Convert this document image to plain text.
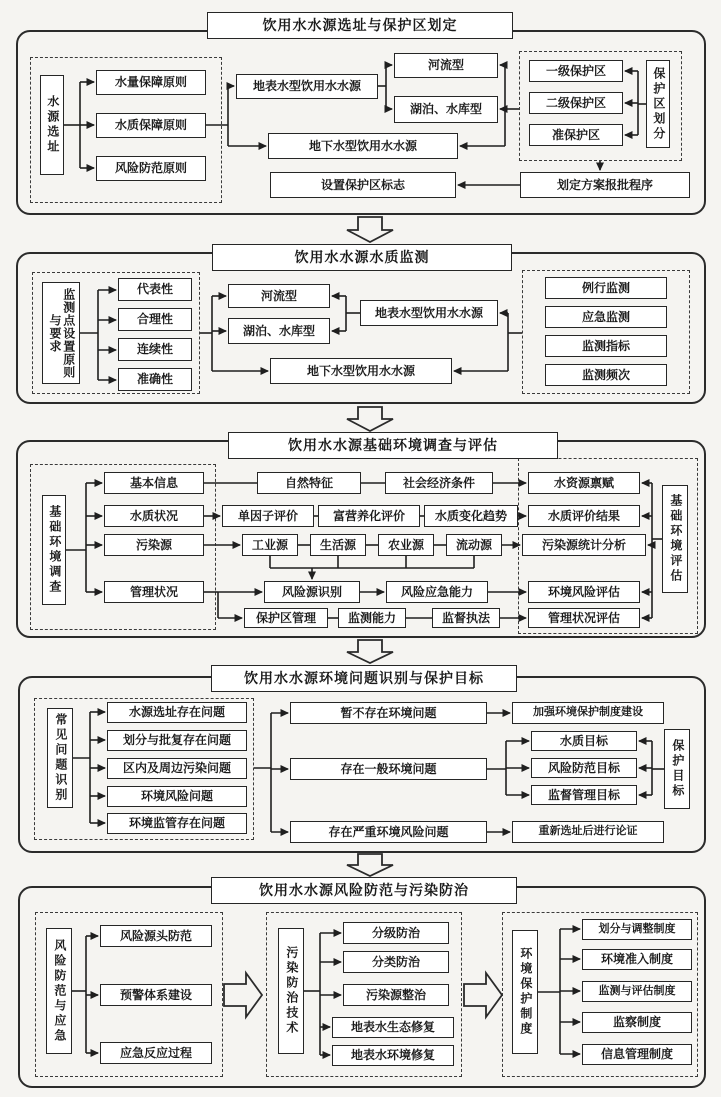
饮用水水源选址与保护区划定
水源选址
水量保障原则
水质保障原则
风险防范原则
地表水型饮用水水源
河流型
湖泊、水库型
地下水型饮用水水源
一级保护区
二级保护区
准保护区	保护区划分
设置保护区标志	划定方案报批程序
饮用水水源水质监测
监测点设置原则与要求
代表性
合理性
连续性
准确性
河流型
湖泊、水库型
地表水型饮用水水源
地下水型饮用水水源
例行监测
应急监测
监测指标
监测频次
饮用水水源基础环境调查与评估
基础环境调查
基本信息
水质状况
污染源
管理状况
自然特征	社会经济条件
单因子评价	富营养化评价	水质变化趋势
工业源	生活源	农业源	流动源
风险源识别	风险应急能力
保护区管理	监测能力	监督执法
水资源禀赋
水质评价结果
污染源统计分析
环境风险评估
管理状况评估
基础环境评估
饮用水水源环境问题识别与保护目标
常见问题识别
水源选址存在问题
划分与批复存在问题
区内及周边污染问题
环境风险问题
环境监管存在问题
暂不存在环境问题
存在一般环境问题
存在严重环境风险问题
加强环境保护制度建设
水质目标
风险防范目标
监督管理目标	保护目标
重新选址后进行论证
饮用水水源风险防范与污染防治
风险防范与应急
风险源头防范
预警体系建设
应急反应过程
污染防治技术
分级防治
分类防治
污染源整治
地表水生态修复
地表水环境修复
环境保护制度
划分与调整制度
环境准入制度
监测与评估制度
监察制度
信息管理制度
